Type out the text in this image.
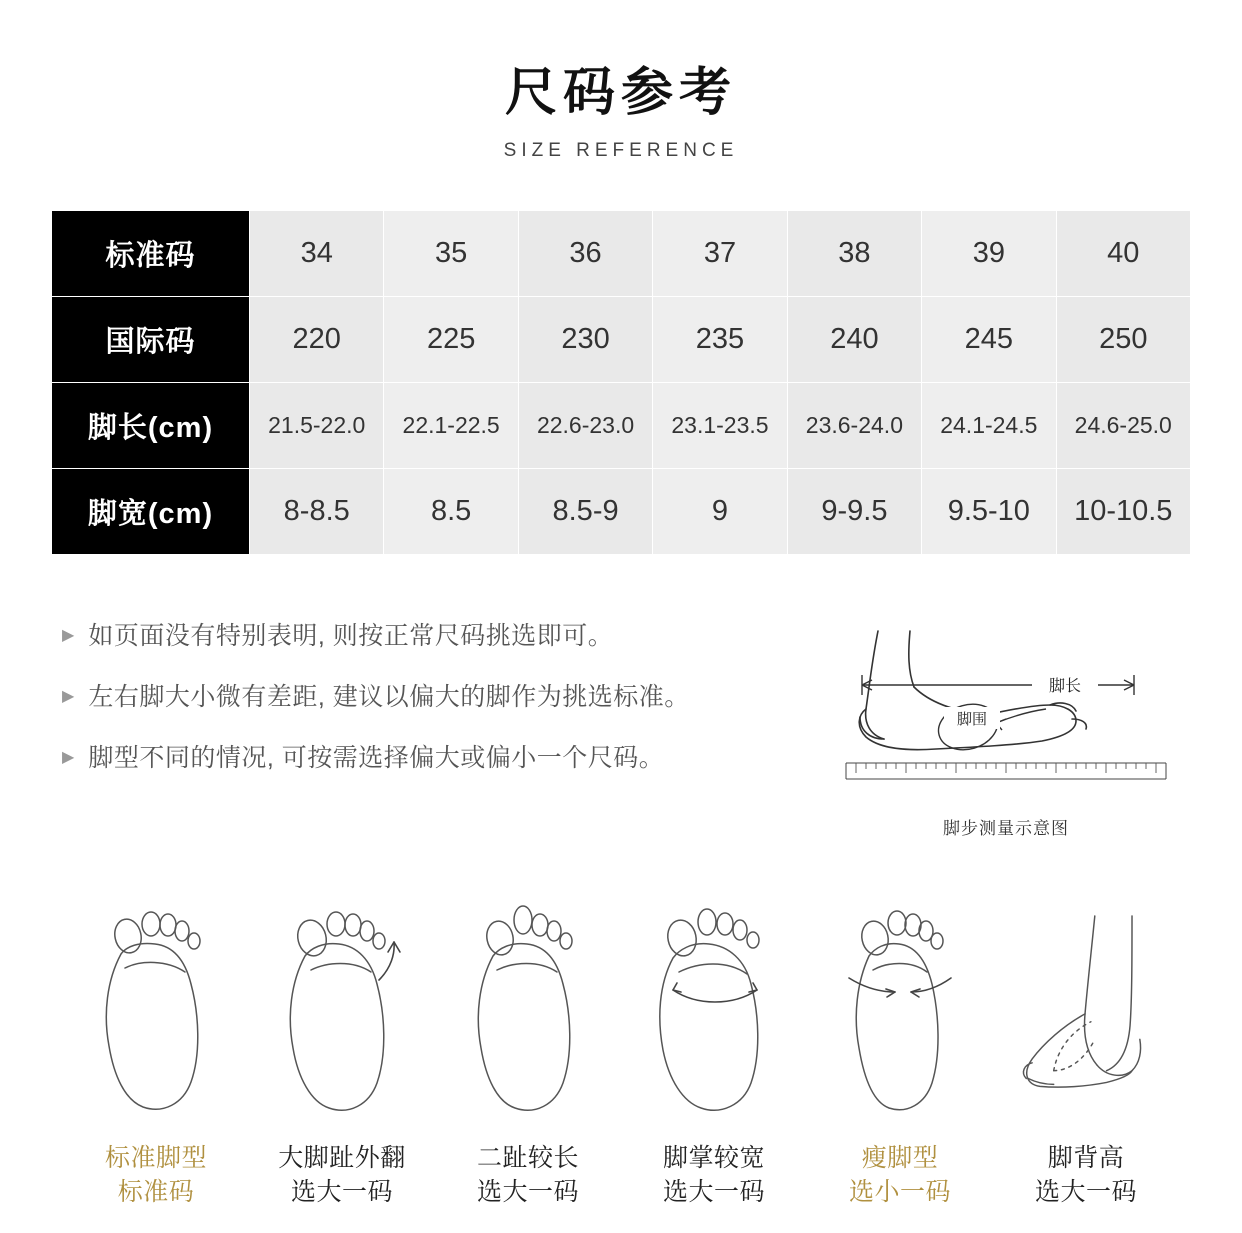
尺码参考
SIZE REFERENCE
标准码	34	35	36	37	38	39	40
国际码	220	225	230	235	240	245	250
脚长(cm)	21.5-22.0	22.1-22.5	22.6-23.0	23.1-23.5	23.6-24.0	24.1-24.5	24.6-25.0
脚宽(cm)	8-8.5	8.5	8.5-9	9	9-9.5	9.5-10	10-10.5
▶ 如页面没有特别表明, 则按正常尺码挑选即可。
▶ 左右脚大小微有差距, 建议以偏大的脚作为挑选标准。
▶ 脚型不同的情况, 可按需选择偏大或偏小一个尺码。
脚长
脚围
脚步测量示意图
标准脚型
标准码
大脚趾外翻
选大一码
二趾较长
选大一码
脚掌较宽
选大一码
瘦脚型
选小一码
脚背高
选大一码
